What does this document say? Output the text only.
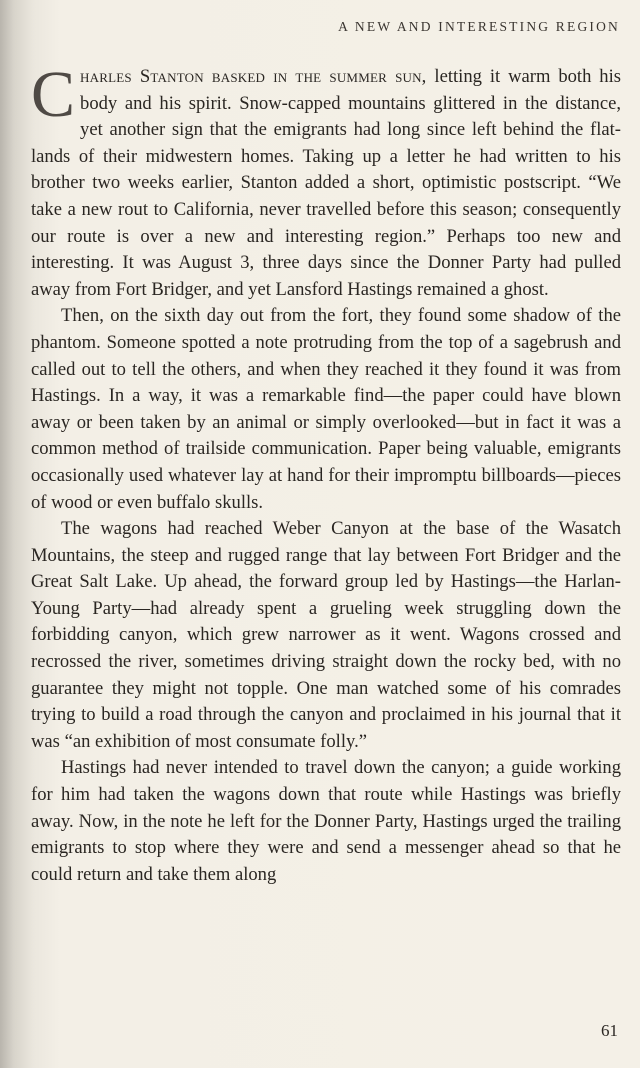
A NEW AND INTERESTING REGION

Charles Stanton basked in the summer sun, letting it warm both his body and his spirit. Snow-capped mountains glittered in the distance, yet another sign that the emigrants had long since left behind the flatlands of their midwestern homes. Taking up a letter he had written to his brother two weeks earlier, Stanton added a short, optimistic postscript. “We take a new rout to California, never travelled before this season; consequently our route is over a new and interesting region.” Perhaps too new and interesting. It was August 3, three days since the Donner Party had pulled away from Fort Bridger, and yet Lansford Hastings remained a ghost.

Then, on the sixth day out from the fort, they found some shadow of the phantom. Someone spotted a note protruding from the top of a sagebrush and called out to tell the others, and when they reached it they found it was from Hastings. In a way, it was a remarkable find—the paper could have blown away or been taken by an animal or simply overlooked—but in fact it was a common method of trailside communication. Paper being valuable, emigrants occasionally used whatever lay at hand for their impromptu billboards—pieces of wood or even buffalo skulls.

The wagons had reached Weber Canyon at the base of the Wasatch Mountains, the steep and rugged range that lay between Fort Bridger and the Great Salt Lake. Up ahead, the forward group led by Hastings—the Harlan-Young Party—had already spent a grueling week struggling down the forbidding canyon, which grew narrower as it went. Wagons crossed and recrossed the river, sometimes driving straight down the rocky bed, with no guarantee they might not topple. One man watched some of his comrades trying to build a road through the canyon and proclaimed in his journal that it was “an exhibition of most consumate folly.”

Hastings had never intended to travel down the canyon; a guide working for him had taken the wagons down that route while Hastings was briefly away. Now, in the note he left for the Donner Party, Hastings urged the trailing emigrants to stop where they were and send a messenger ahead so that he could return and take them along

61
